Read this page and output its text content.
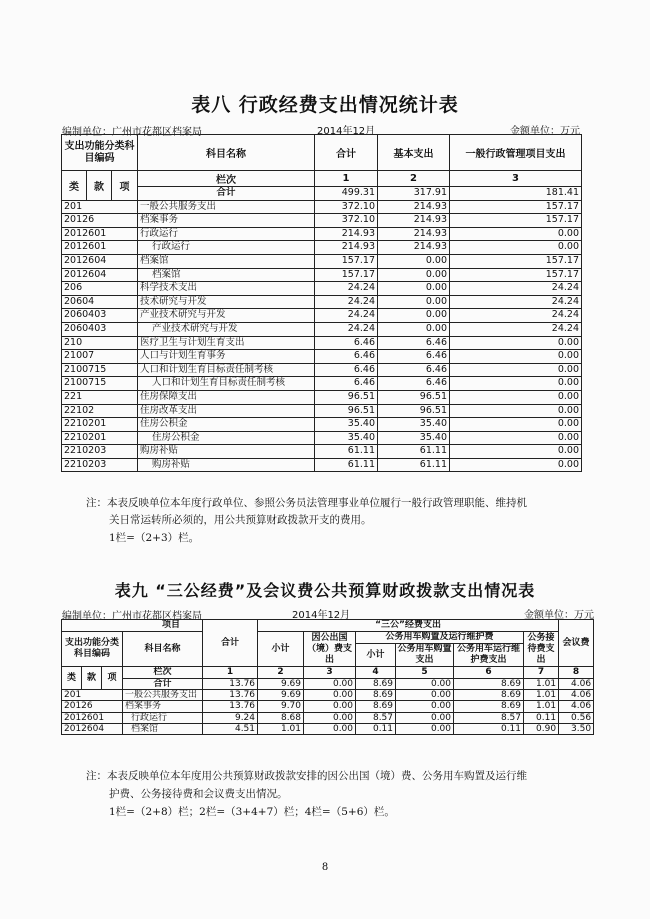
表八 行政经费支出情况统计表
编制单位：广州市花都区档案局	2014年12月	金额单位：万元
支出功能分类科目编码			科目名称	合计	基本支出	一般行政管理项目支出
类	款	项	栏次	1	2	3
			合计	499.31	317.91	181.41
201			一般公共服务支出	372.10	214.93	157.17
20126			档案事务	372.10	214.93	157.17
2012601			行政运行	214.93	214.93	0.00
2012601			行政运行	214.93	214.93	0.00
2012604			档案馆	157.17	0.00	157.17
2012604			档案馆	157.17	0.00	157.17
206			科学技术支出	24.24	0.00	24.24
20604			技术研究与开发	24.24	0.00	24.24
2060403			产业技术研究与开发	24.24	0.00	24.24
2060403			产业技术研究与开发	24.24	0.00	24.24
210			医疗卫生与计划生育支出	6.46	6.46	0.00
21007			人口与计划生育事务	6.46	6.46	0.00
2100715			人口和计划生育目标责任制考核	6.46	6.46	0.00
2100715			人口和计划生育目标责任制考核	6.46	6.46	0.00
221			住房保障支出	96.51	96.51	0.00
22102			住房改革支出	96.51	96.51	0.00
2210201			住房公积金	35.40	35.40	0.00
2210201			住房公积金	35.40	35.40	0.00
2210203			购房补贴	61.11	61.11	0.00
2210203			购房补贴	61.11	61.11	0.00
注：本表反映单位本年度行政单位、参照公务员法管理事业单位履行一般行政管理职能、维持机
关日常运转所必须的，用公共预算财政拨款开支的费用。
1栏=（2+3）栏。
表九 “三公经费”及会议费公共预算财政拨款支出情况表
编制单位：广州市花都区档案局	2014年12月	金额单位：万元
项目				合计	“三公”经费支出						会议费
支出功能分类科目编码			科目名称		小计	因公出国（境）费支出	公务用车购置及运行维护费			公务接待费支出	
							小计	公务用车购置支出	公务用车运行维护费支出		

类	款	项	栏次	1	2	3	4	5	6	7	8
			合计	13.76	9.69	0.00	8.69	0.00	8.69	1.01	4.06
201			一般公共服务支出	13.76	9.69	0.00	8.69	0.00	8.69	1.01	4.06
20126			档案事务	13.76	9.70	0.00	8.69	0.00	8.69	1.01	4.06
2012601			行政运行	9.24	8.68	0.00	8.57	0.00	8.57	0.11	0.56
2012604			档案馆	4.51	1.01	0.00	0.11	0.00	0.11	0.90	3.50
注：本表反映单位本年度用公共预算财政拨款安排的因公出国（境）费、公务用车购置及运行维
护费、公务接待费和会议费支出情况。
1栏=（2+8）栏；2栏=（3+4+7）栏；4栏=（5+6）栏。
8
